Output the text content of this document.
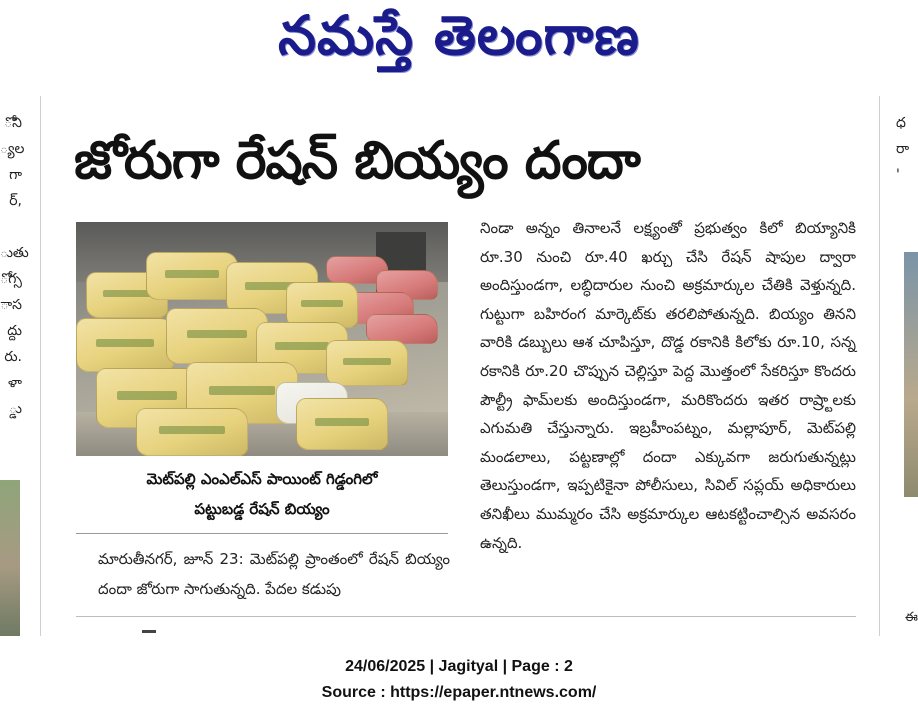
నమస్తే తెలంగాణ
ోని
్యల
గా
ర్,

ుతు
ోగ్స
ాస
ద్దు
రు.
ళా
్డు
ధ
రా
'
ఈ
జోరుగా రేషన్ బియ్యం దందా
మెట్‌పల్లి ఎంఎల్ఎస్ పాయింట్ గిడ్డంగిలో
పట్టుబడ్డ రేషన్ బియ్యం
మారుతీనగర్, జూన్ 23: మెట్‌పల్లి ప్రాంతంలో రేషన్ బియ్యం దందా జోరుగా సాగుతున్నది. పేదల కడుపు
నిండా అన్నం తినాలనే లక్ష్యంతో ప్రభుత్వం కిలో బియ్యానికి రూ.30 నుంచి రూ.40 ఖర్చు చేసి రేషన్ షాపుల ద్వారా అందిస్తుండగా, లబ్ధిదారుల నుంచి అక్రమార్కుల చేతికి వెళ్తున్నది. గుట్టుగా బహిరంగ మార్కెట్‌కు తరలిపోతున్నది. బియ్యం తినని వారికి డబ్బులు ఆశ చూపిస్తూ, దొడ్డ రకానికి కిలోకు రూ.10, సన్న రకానికి రూ.20 చొప్పున చెల్లిస్తూ పెద్ద మొత్తంలో సేకరిస్తూ కొందరు పౌల్ట్రీ ఫామ్‌లకు అందిస్తుండగా, మరికొందరు ఇతర రాష్ర్టాలకు ఎగుమతి చేస్తున్నారు. ఇబ్రహీంపట్నం, మల్లాపూర్, మెట్‌పల్లి మండలాలు, పట్టణాల్లో దందా ఎక్కువగా జరుగుతున్నట్లు తెలుస్తుండగా, ఇప్పటికైనా పోలీసులు, సివిల్ సప్లయ్ అధికారులు తనిఖీలు ముమ్మరం చేసి అక్రమార్కుల ఆటకట్టించాల్సిన అవసరం ఉన్నది.
24/06/2025 | Jagityal | Page : 2
Source : https://epaper.ntnews.com/
